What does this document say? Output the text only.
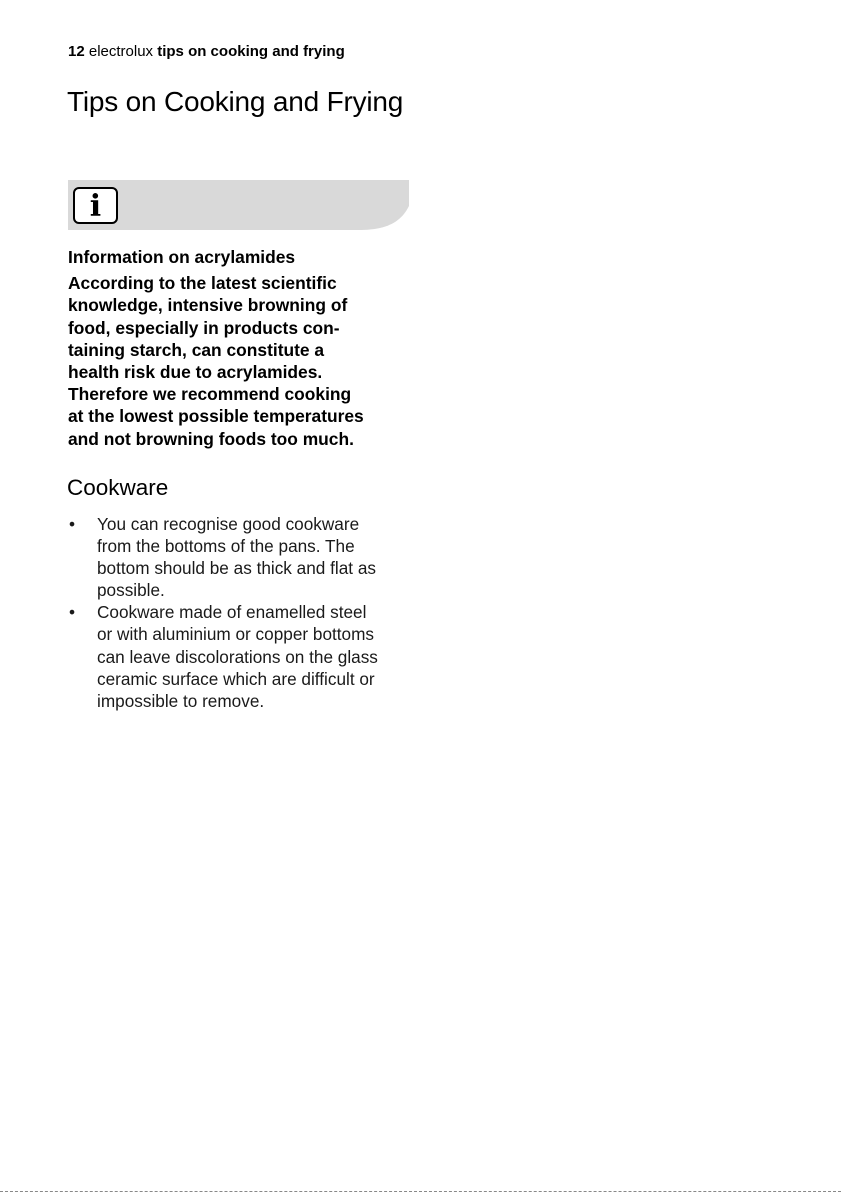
12 electrolux tips on cooking and frying
Tips on Cooking and Frying
i

Information on acrylamides

According to the latest scientific

knowledge, intensive browning of

food, especially in products con-

taining starch, can constitute a

health risk due to acrylamides.

Therefore we recommend cooking

at the lowest possible temperatures

and not browning foods too much.

Cookware
• You can recognise good cookware
from the bottoms of the pans. The
bottom should be as thick and flat as
possible.
• Cookware made of enamelled steel
or with aluminium or copper bottoms
can leave discolorations on the glass
ceramic surface which are difficult or
impossible to remove.
